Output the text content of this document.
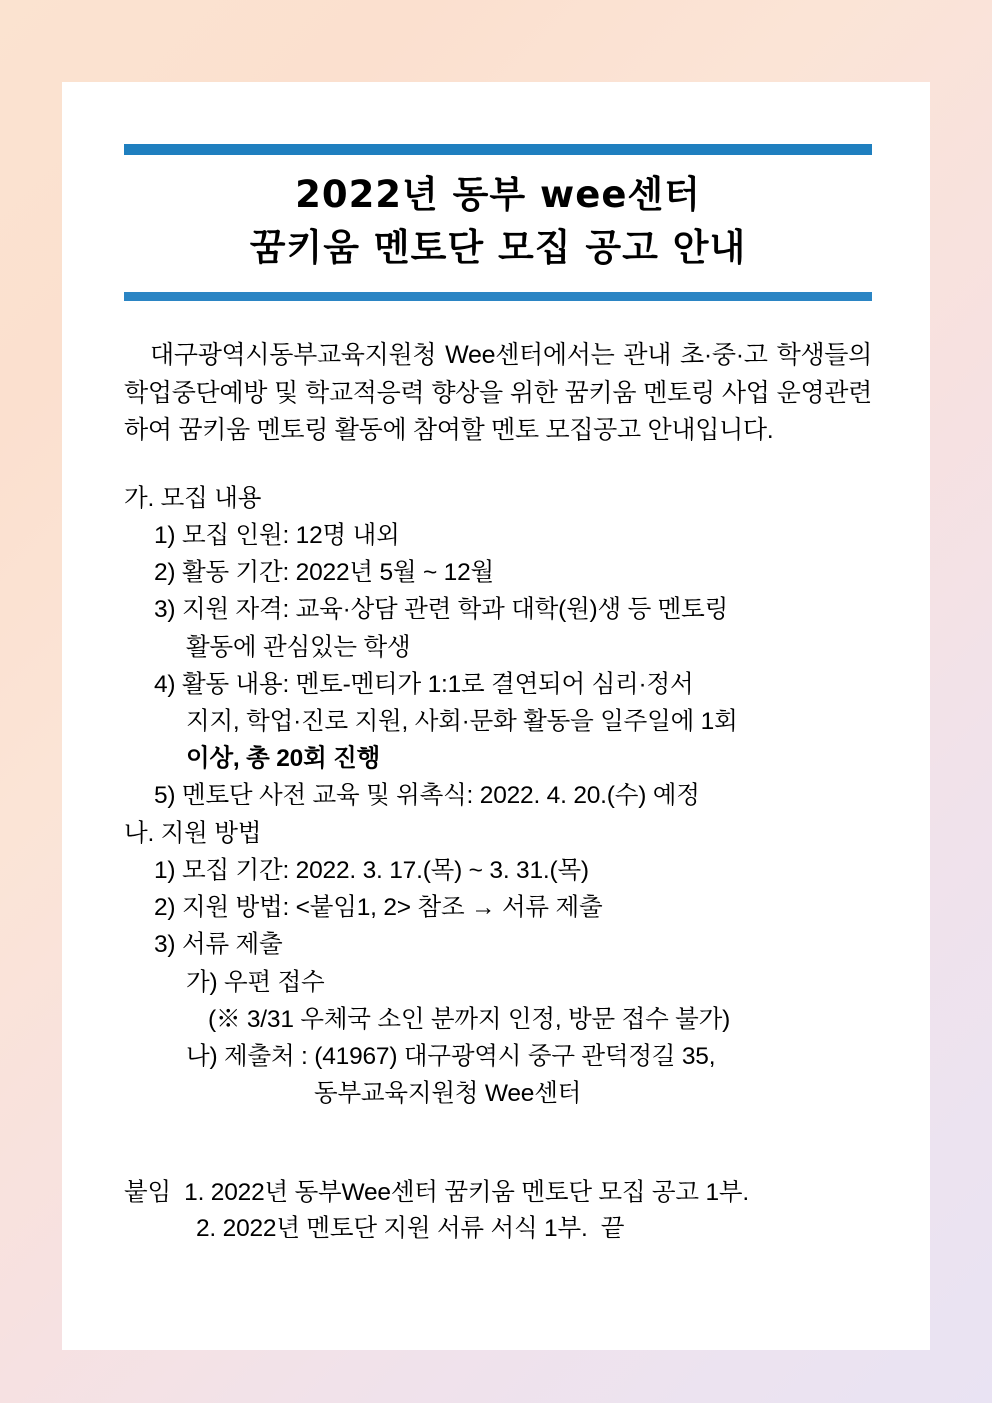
2022년 동부 wee센터
꿈키움 멘토단 모집 공고 안내
대구광역시동부교육지원청 Wee센터에서는 관내 초·중·고 학생들의 학업중단예방 및 학교적응력 향상을 위한 꿈키움 멘토링 사업 운영관련하여 꿈키움 멘토링 활동에 참여할 멘토 모집공고 안내입니다.
가. 모집 내용
1) 모집 인원: 12명 내외
2) 활동 기간: 2022년 5월 ~ 12월
3) 지원 자격: 교육·상담 관련 학과 대학(원)생 등 멘토링
활동에 관심있는 학생
4) 활동 내용: 멘토-멘티가 1:1로 결연되어 심리·정서
지지, 학업·진로 지원, 사회·문화 활동을 일주일에 1회
이상, 총 20회 진행
5) 멘토단 사전 교육 및 위촉식: 2022. 4. 20.(수) 예정
나. 지원 방법
1) 모집 기간: 2022. 3. 17.(목) ~ 3. 31.(목)
2) 지원 방법: <붙임1, 2> 참조 → 서류 제출
3) 서류 제출
가) 우편 접수
(※ 3/31 우체국 소인 분까지 인정, 방문 접수 불가)
나) 제출처 : (41967) 대구광역시 중구 관덕정길 35,
동부교육지원청 Wee센터
붙임  1. 2022년 동부Wee센터 꿈키움 멘토단 모집 공고 1부.
2. 2022년 멘토단 지원 서류 서식 1부.  끝
